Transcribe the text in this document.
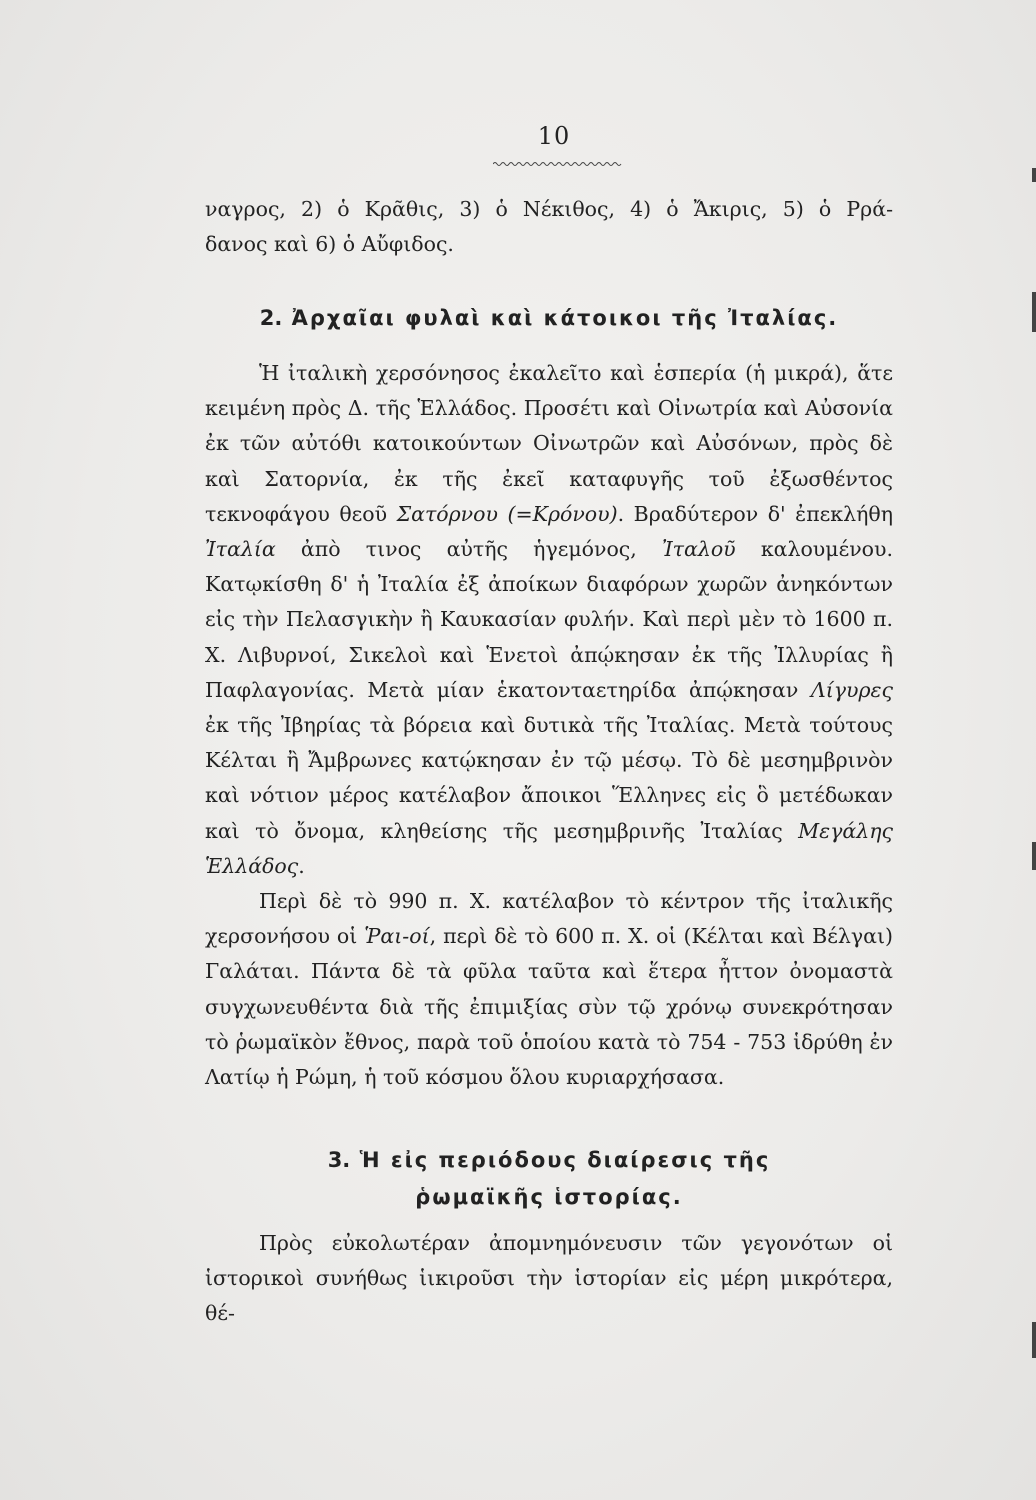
10

ναγρος, 2) ὁ Κρᾶθις, 3) ὁ Νέκιθος, 4) ὁ Ἄκιρις, 5) ὁ Ρρά-

δανος καὶ 6) ὁ Αὔφιδος.

2. Ἀρχαῖαι φυλαὶ καὶ κάτοικοι τῆς Ἰταλίας.

Ἡ ἰταλικὴ χερσόνησος ἐκαλεῖτο καὶ ἑσπερία (ἡ μικρά), ἅτε κειμένη πρὸς Δ. τῆς Ἑλλάδος. Προσέτι καὶ Οἰνωτρία καὶ Αὐσονία ἐκ τῶν αὐτόθι κατοικούντων Οἰνωτρῶν καὶ Αὐσόνων, πρὸς δὲ καὶ Σατορνία, ἐκ τῆς ἐκεῖ καταφυγῆς τοῦ ἐξωσθέντος τεκνοφάγου θεοῦ Σατόρνου (=Κρόνου). Βραδύτερον δ' ἐπεκλήθη Ἰταλία ἀπὸ τινος αὐτῆς ἡγεμόνος, Ἰταλοῦ καλουμένου. Κατῳκίσθη δ' ἡ Ἰταλία ἐξ ἀποίκων διαφόρων χωρῶν ἀνηκόντων εἰς τὴν Πελασγικὴν ἢ Καυκασίαν φυλήν. Καὶ περὶ μὲν τὸ 1600 π. Χ. Λιβυρνοί, Σικελοὶ καὶ Ἑνετοὶ ἀπῴκησαν ἐκ τῆς Ἰλλυρίας ἢ Παφλαγονίας. Μετὰ μίαν ἑκατονταετηρίδα ἀπῴκησαν Λίγυρες ἐκ τῆς Ἰβηρίας τὰ βόρεια καὶ δυτικὰ τῆς Ἰταλίας. Μετὰ τούτους Κέλται ἢ Ἄμβρωνες κατῴκησαν ἐν τῷ μέσῳ. Τὸ δὲ μεσημβρινὸν καὶ νότιον μέρος κατέλαβον ἄποικοι Ἕλληνες εἰς ὃ μετέδωκαν καὶ τὸ ὄνομα, κληθείσης τῆς μεσημβρινῆς Ἰταλίας Μεγάλης Ἑλλάδος.

Περὶ δὲ τὸ 990 π. Χ. κατέλαβον τὸ κέντρον τῆς ἰταλικῆς χερσονήσου οἱ Ῥαι-οί, περὶ δὲ τὸ 600 π. Χ. οἱ (Κέλται καὶ Βέλγαι) Γαλάται. Πάντα δὲ τὰ φῦλα ταῦτα καὶ ἕτερα ἦττον ὀνομαστὰ συγχωνευθέντα διὰ τῆς ἐπιμιξίας σὺν τῷ χρόνῳ συνεκρότησαν τὸ ῥωμαϊκὸν ἔθνος, παρὰ τοῦ ὁποίου κατὰ τὸ 754 - 753 ἱδρύθη ἐν Λατίῳ ἡ Ρώμη, ἡ τοῦ κόσμου ὅλου κυριαρχήσασα.

3. Ἡ εἰς περιόδους διαίρεσις τῆς
ῥωμαϊκῆς ἱστορίας.

Πρὸς εὐκολωτέραν ἀπομνημόνευσιν τῶν γεγονότων οἱ ἱστορικοὶ συνήθως ἱικιροῦσι τὴν ἱστορίαν εἰς μέρη μικρότερα, θέ-
